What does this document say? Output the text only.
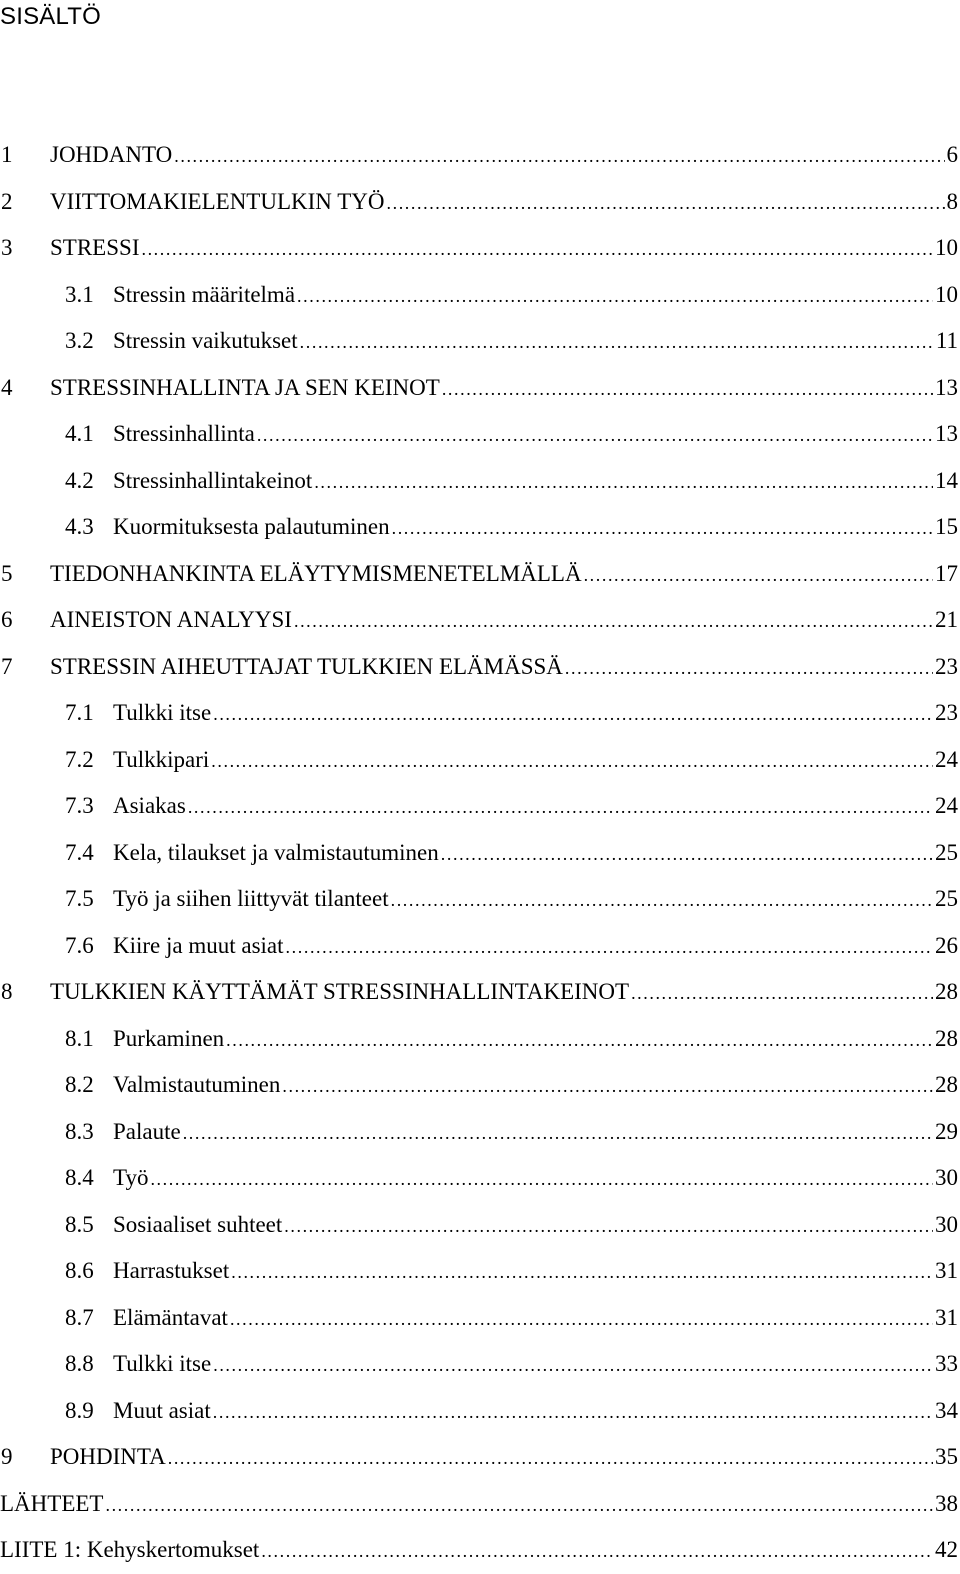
SISÄLTÖ
1	JOHDANTO .....	6
2	VIITTOMAKIELENTULKIN TYÖ .....	8
3	STRESSI .....	10
3.1 Stressin määritelmä .....	10
3.2 Stressin vaikutukset .....	11
4	STRESSINHALLINTA JA SEN KEINOT .....	13
4.1 Stressinhallinta .....	13
4.2 Stressinhallintakeinot .....	14
4.3 Kuormituksesta palautuminen .....	15
5	TIEDONHANKINTA ELÄYTYMISMENETELMÄLLÄ .....	17
6	AINEISTON ANALYYSI .....	21
7	STRESSIN AIHEUTTAJAT TULKKIEN ELÄMÄSSÄ .....	23
7.1 Tulkki itse .....	23
7.2 Tulkkipari .....	24
7.3 Asiakas .....	24
7.4 Kela, tilaukset ja valmistautuminen .....	25
7.5 Työ ja siihen liittyvät tilanteet .....	25
7.6 Kiire ja muut asiat .....	26
8	TULKKIEN KÄYTTÄMÄT STRESSINHALLINTAKEINOT .....	28
8.1 Purkaminen .....	28
8.2 Valmistautuminen .....	28
8.3 Palaute .....	29
8.4 Työ .....	30
8.5 Sosiaaliset suhteet .....	30
8.6 Harrastukset .....	31
8.7 Elämäntavat .....	31
8.8 Tulkki itse .....	33
8.9 Muut asiat .....	34
9	POHDINTA .....	35
LÄHTEET .....	38
LIITE 1: Kehyskertomukset .....	42
